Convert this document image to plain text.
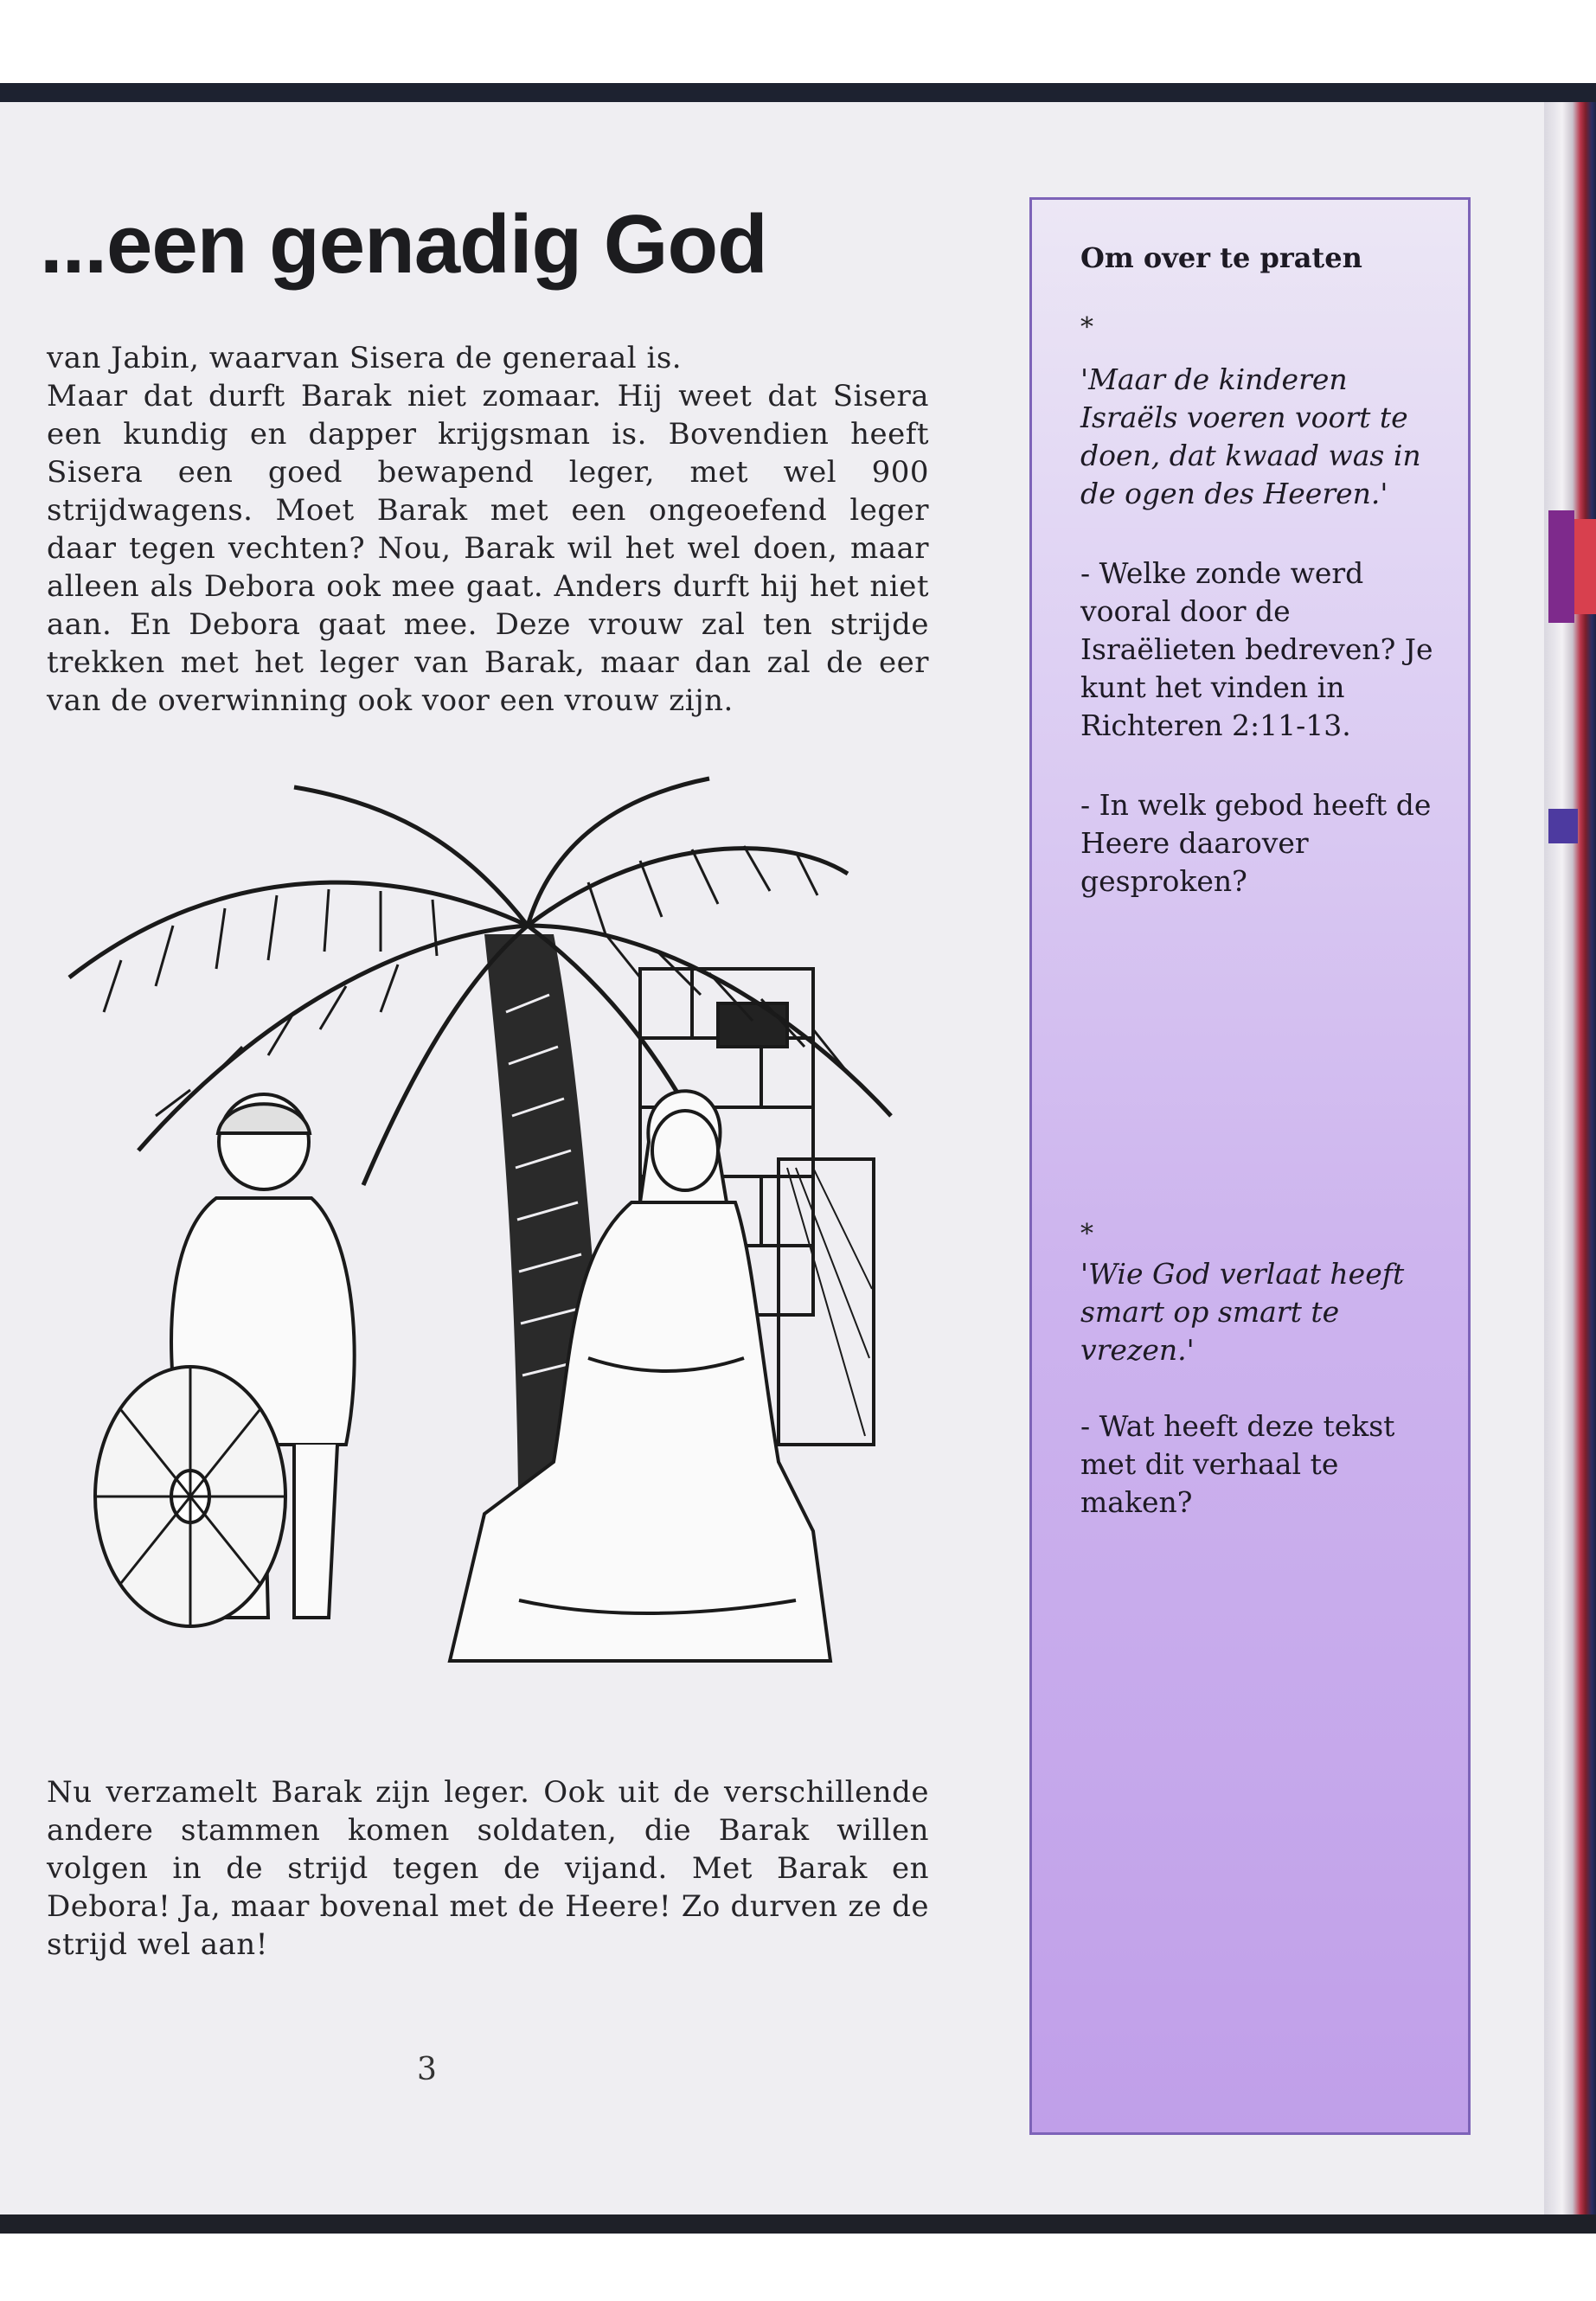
...een genadig God

van Jabin, waarvan Sisera de generaal is.

Maar dat durft Barak niet zomaar. Hij weet dat Sisera een kundig en dapper krijgsman is. Bovendien heeft Sisera een goed bewapend leger, met wel 900 strijdwagens. Moet Barak met een ongeoefend leger daar tegen vechten? Nou, Barak wil het wel doen, maar alleen als Debora ook mee gaat. Anders durft hij het niet aan. En Debora gaat mee. Deze vrouw zal ten strijde trekken met het leger van Barak, maar dan zal de eer van de overwinning ook voor een vrouw zijn.

Nu verzamelt Barak zijn leger. Ook uit de verschillende andere stammen komen soldaten, die Barak willen volgen in de strijd tegen de vijand. Met Barak en Debora! Ja, maar bovenal met de Heere! Zo durven ze de strijd wel aan!

3

Om over te praten

*

'Maar de kinderen Israëls voeren voort te doen, dat kwaad was in de ogen des Heeren.'

- Welke zonde werd vooral door de Israëlieten bedreven? Je kunt het vinden in Richteren 2:11-13.

- In welk gebod heeft de Heere daarover gesproken?

*

'Wie God verlaat heeft smart op smart te vrezen.'

- Wat heeft deze tekst met dit verhaal te maken?
